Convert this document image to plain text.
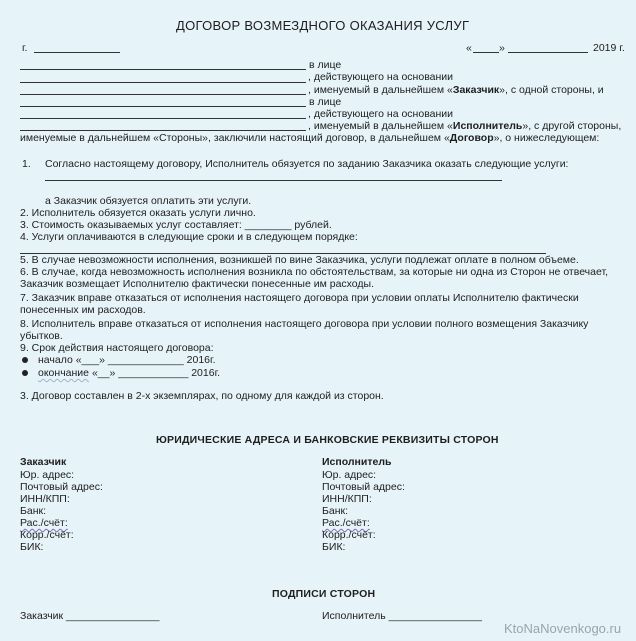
ДОГОВОР ВОЗМЕЗДНОГО ОКАЗАНИЯ УСЛУГ
г.	«	»	2019 г.
в лице
, действующего на основании
, именуемый в дальнейшем «Заказчик», с одной стороны, и
в лице
, действующего на основании
, именуемый в дальнейшем «Исполнитель», с другой стороны,
именуемые в дальнейшем «Стороны», заключили настоящий договор, в дальнейшем «Договор», о нижеследующем:
1. Согласно настоящему договору, Исполнитель обязуется по заданию Заказчика оказать следующие услуги:
а Заказчик обязуется оплатить эти услуги.
2. Исполнитель обязуется оказать услуги лично.
3. Стоимость оказываемых услуг составляет: ________ рублей.
4. Услуги оплачиваются в следующие сроки и в следующем порядке:
5. В случае невозможности исполнения, возникшей по вине Заказчика, услуги подлежат оплате в полном объеме.
6. В случае, когда невозможность исполнения возникла по обстоятельствам, за которые ни одна из Сторон не отвечает,
Заказчик возмещает Исполнителю фактически понесенные им расходы.
7. Заказчик вправе отказаться от исполнения настоящего договора при условии оплаты Исполнителю фактически
понесенных им расходов.
8. Исполнитель вправе отказаться от исполнения настоящего договора при условии полного возмещения Заказчику
убытков.
9. Срок действия настоящего договора:
начало «___» _____________ 2016г.
окончание «__» ____________ 2016г.
3. Договор составлен в 2-х экземплярах, по одному для каждой из сторон.
ЮРИДИЧЕСКИЕ АДРЕСА И БАНКОВСКИЕ РЕКВИЗИТЫ СТОРОН
Заказчик
Юр. адрес:
Почтовый адрес:
ИНН/КПП:
Банк:
Рас./счёт:
Корр./счёт:
БИК:
Исполнитель
Юр. адрес:
Почтовый адрес:
ИНН/КПП:
Банк:
Рас./счёт:
Корр./счёт:
БИК:
ПОДПИСИ СТОРОН
Заказчик ________________	Исполнитель ________________
KtoNaNovenkogo.ru
